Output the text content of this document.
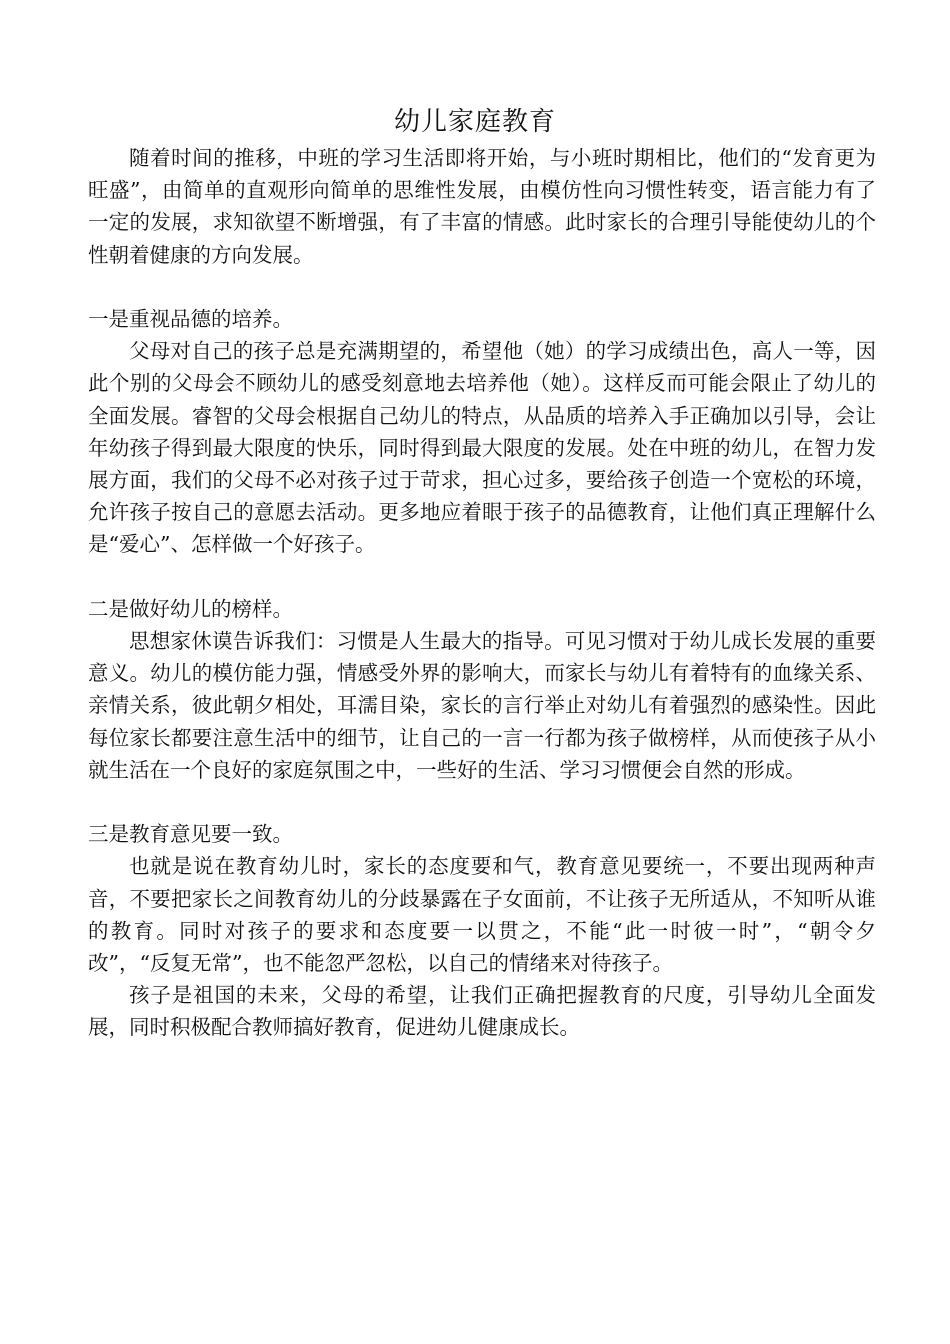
幼儿家庭教育

随着时间的推移，中班的学习生活即将开始，与小班时期相比，他们的“发育更为旺盛”，由简单的直观形向简单的思维性发展，由模仿性向习惯性转变，语言能力有了一定的发展，求知欲望不断增强，有了丰富的情感。此时家长的合理引导能使幼儿的个性朝着健康的方向发展。

一是重视品德的培养。

父母对自己的孩子总是充满期望的，希望他（她）的学习成绩出色，高人一等，因此个别的父母会不顾幼儿的感受刻意地去培养他（她）。这样反而可能会限止了幼儿的全面发展。睿智的父母会根据自己幼儿的特点，从品质的培养入手正确加以引导，会让年幼孩子得到最大限度的快乐，同时得到最大限度的发展。处在中班的幼儿，在智力发展方面，我们的父母不必对孩子过于苛求，担心过多，要给孩子创造一个宽松的环境，允许孩子按自己的意愿去活动。更多地应着眼于孩子的品德教育，让他们真正理解什么是“爱心”、怎样做一个好孩子。

二是做好幼儿的榜样。

思想家休谟告诉我们：习惯是人生最大的指导。可见习惯对于幼儿成长发展的重要意义。幼儿的模仿能力强，情感受外界的影响大，而家长与幼儿有着特有的血缘关系、亲情关系，彼此朝夕相处，耳濡目染，家长的言行举止对幼儿有着强烈的感染性。因此每位家长都要注意生活中的细节，让自己的一言一行都为孩子做榜样，从而使孩子从小就生活在一个良好的家庭氛围之中，一些好的生活、学习习惯便会自然的形成。

三是教育意见要一致。

也就是说在教育幼儿时，家长的态度要和气，教育意见要统一，不要出现两种声音，不要把家长之间教育幼儿的分歧暴露在子女面前，不让孩子无所适从，不知听从谁的教育。同时对孩子的要求和态度要一以贯之，不能“此一时彼一时”，“朝令夕改”，“反复无常”，也不能忽严忽松，以自己的情绪来对待孩子。

孩子是祖国的未来，父母的希望，让我们正确把握教育的尺度，引导幼儿全面发展，同时积极配合教师搞好教育，促进幼儿健康成长。
